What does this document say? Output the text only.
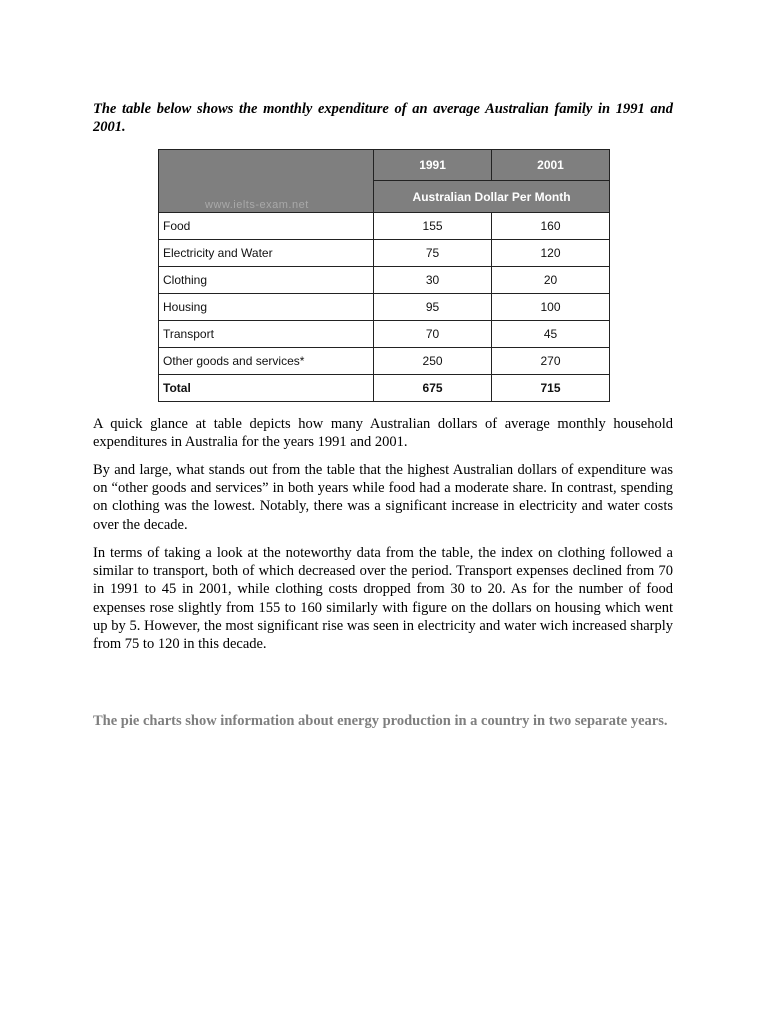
The table below shows the monthly expenditure of an average Australian family in 1991 and 2001.
www.ielts-exam.net	1991	2001
	Australian Dollar Per Month	
Food	155	160
Electricity and Water	75	120
Clothing	30	20
Housing	95	100
Transport	70	45
Other goods and services*	250	270
Total	675	715

A quick glance at table depicts how many Australian dollars of average monthly household expenditures in Australia for the years 1991 and 2001.

By and large, what stands out from the table that the highest Australian dollars of expenditure was on “other goods and services” in both years while food had a moderate share. In contrast, spending on clothing was the lowest. Notably, there was a significant increase in electricity and water costs over the decade.

In terms of taking a look at the noteworthy data from the table, the index on clothing followed a similar to transport, both of which decreased over the period. Transport expenses declined from 70 in 1991 to 45 in 2001, while clothing costs dropped from 30 to 20. As for the number of food expenses rose slightly from 155 to 160 similarly with figure on the dollars on housing which went up by 5. However, the most significant rise was seen in electricity and water wich increased sharply from 75 to 120 in this decade.

The pie charts show information about energy production in a country in two separate years.
